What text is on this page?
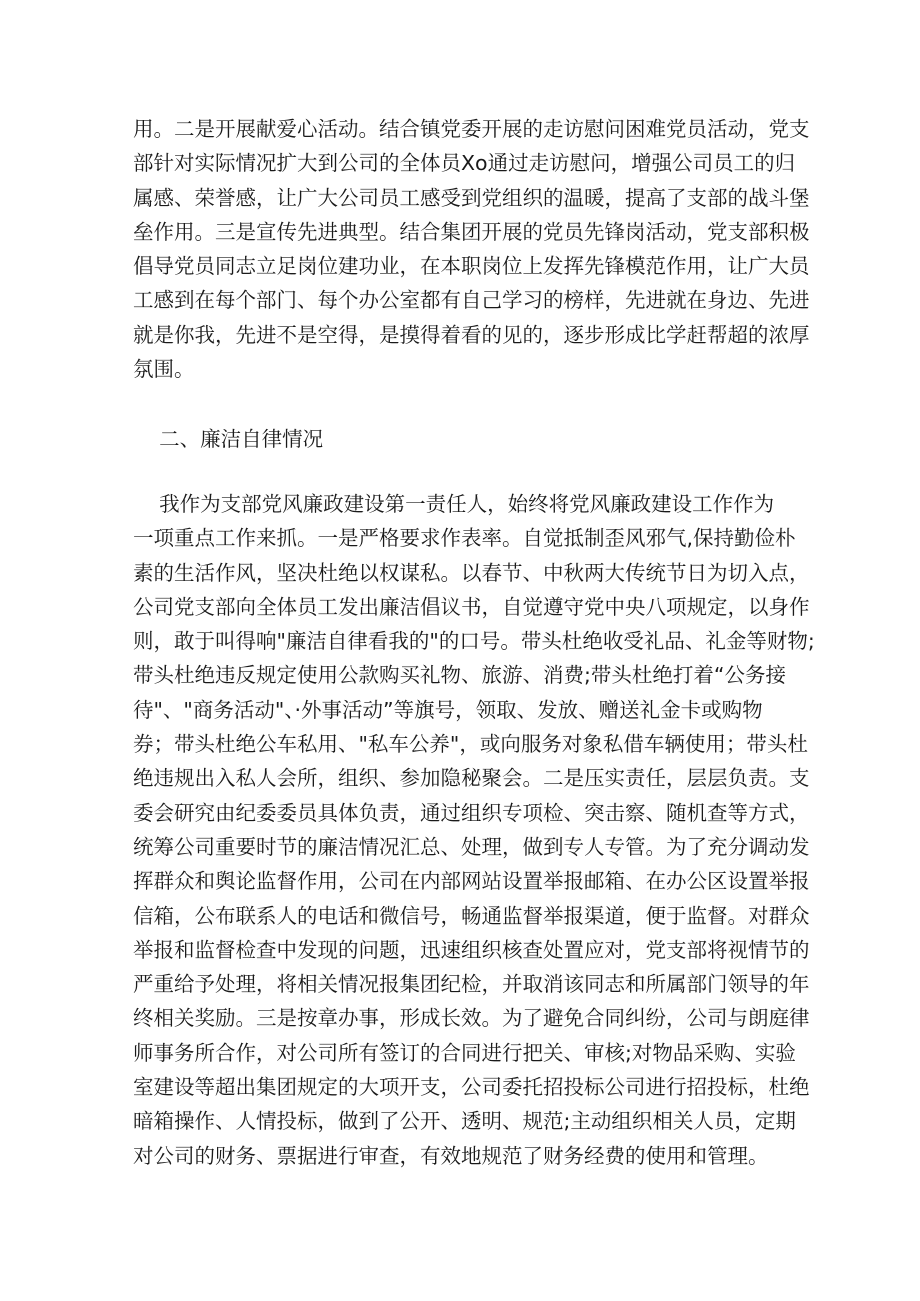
用。二是开展献爱心活动。结合镇党委开展的走访慰问困难党员活动，党支
部针对实际情况扩大到公司的全体员Xo通过走访慰问，增强公司员工的归
属感、荣誉感，让广大公司员工感受到党组织的温暖，提高了支部的战斗堡
垒作用。三是宣传先进典型。结合集团开展的党员先锋岗活动，党支部积极
倡导党员同志立足岗位建功业，在本职岗位上发挥先锋模范作用，让广大员
工感到在每个部门、每个办公室都有自己学习的榜样，先进就在身边、先进
就是你我，先进不是空得，是摸得着看的见的，逐步形成比学赶帮超的浓厚
氛围。
二、廉洁自律情况
我作为支部党风廉政建设第一责任人，始终将党风廉政建设工作作为
一项重点工作来抓。一是严格要求作表率。自觉抵制歪风邪气,保持勤俭朴
素的生活作风，坚决杜绝以权谋私。以春节、中秋两大传统节日为切入点，
公司党支部向全体员工发出廉洁倡议书，自觉遵守党中央八项规定，以身作
则，敢于叫得响"廉洁自律看我的"的口号。带头杜绝收受礼品、礼金等财物;
带头杜绝违反规定使用公款购买礼物、旅游、消费;带头杜绝打着“公务接
待"、"商务活动"、·外事活动”等旗号，领取、发放、赠送礼金卡或购物
券；带头杜绝公车私用、"私车公养"，或向服务对象私借车辆使用；带头杜
绝违规出入私人会所，组织、参加隐秘聚会。二是压实责任，层层负责。支
委会研究由纪委委员具体负责，通过组织专项检、突击察、随机查等方式，
统筹公司重要时节的廉洁情况汇总、处理，做到专人专管。为了充分调动发
挥群众和舆论监督作用，公司在内部网站设置举报邮箱、在办公区设置举报
信箱，公布联系人的电话和微信号，畅通监督举报渠道，便于监督。对群众
举报和监督检查中发现的问题，迅速组织核查处置应对，党支部将视情节的
严重给予处理，将相关情况报集团纪检，并取消该同志和所属部门领导的年
终相关奖励。三是按章办事，形成长效。为了避免合同纠纷，公司与朗庭律
师事务所合作，对公司所有签订的合同进行把关、审核;对物品采购、实验
室建设等超出集团规定的大项开支，公司委托招投标公司进行招投标，杜绝
暗箱操作、人情投标，做到了公开、透明、规范;主动组织相关人员，定期
对公司的财务、票据进行审查，有效地规范了财务经费的使用和管理。
